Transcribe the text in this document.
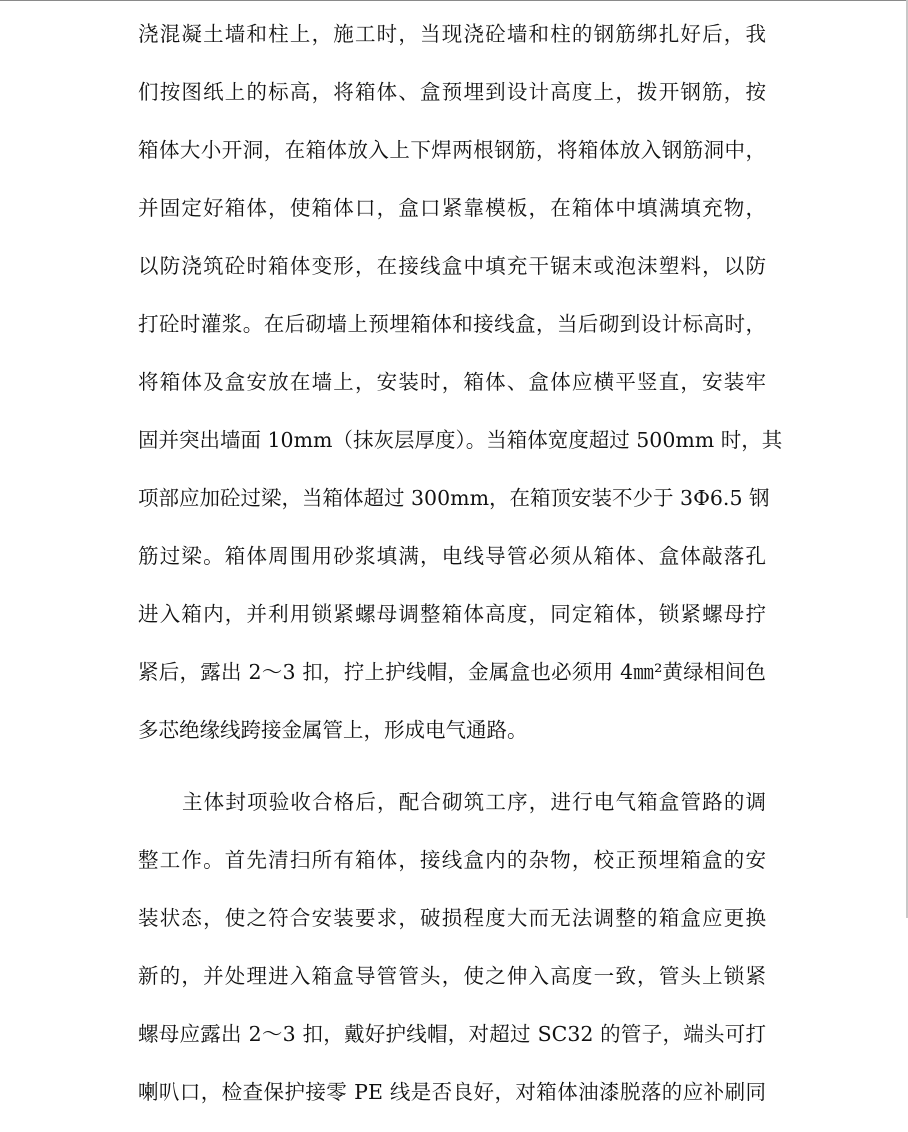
浇混凝土墙和柱上，施工时，当现浇砼墙和柱的钢筋绑扎好后，我
们按图纸上的标高，将箱体、盒预埋到设计高度上，拨开钢筋，按
箱体大小开洞，在箱体放入上下焊两根钢筋，将箱体放入钢筋洞中，
并固定好箱体，使箱体口，盒口紧靠模板，在箱体中填满填充物，
以防浇筑砼时箱体变形，在接线盒中填充干锯末或泡沫塑料，以防
打砼时灌浆。在后砌墙上预埋箱体和接线盒，当后砌到设计标高时，
将箱体及盒安放在墙上，安装时，箱体、盒体应横平竖直，安装牢
固并突出墙面 10mm（抹灰层厚度）。当箱体宽度超过 500mm 时，其
项部应加砼过梁，当箱体超过 300mm，在箱顶安装不少于 3Φ6.5 钢
筋过梁。箱体周围用砂浆填满，电线导管必须从箱体、盒体敲落孔
进入箱内，并利用锁紧螺母调整箱体高度，同定箱体，锁紧螺母拧
紧后，露出 2～3 扣，拧上护线帽，金属盒也必须用 4㎜²黄绿相间色
多芯绝缘线跨接金属管上，形成电气通路。
主体封项验收合格后，配合砌筑工序，进行电气箱盒管路的调
整工作。首先清扫所有箱体，接线盒内的杂物，校正预埋箱盒的安
装状态，使之符合安装要求，破损程度大而无法调整的箱盒应更换
新的，并处理进入箱盒导管管头，使之伸入高度一致，管头上锁紧
螺母应露出 2～3 扣，戴好护线帽，对超过 SC32 的管子，端头可打
喇叭口，检查保护接零 PE 线是否良好，对箱体油漆脱落的应补刷同
